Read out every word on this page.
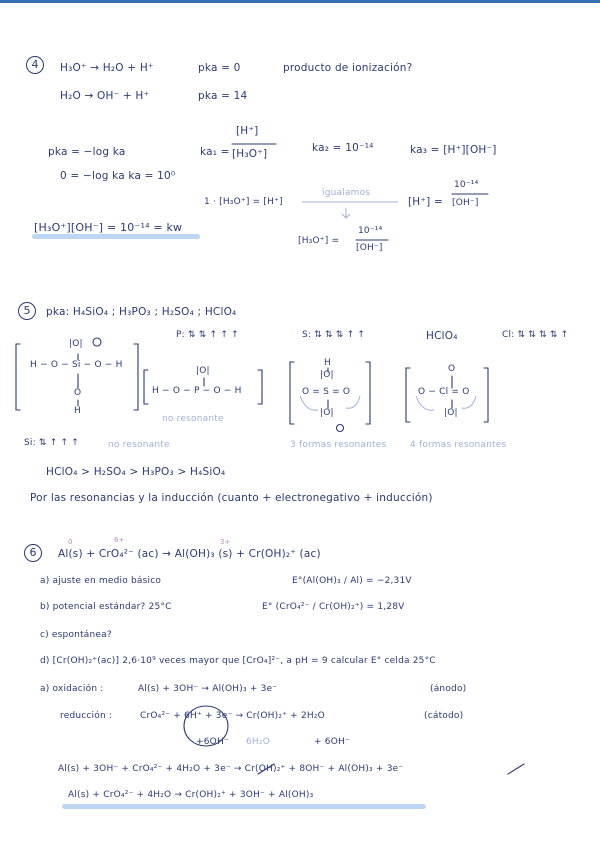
4	H₃O⁺ → H₂O + H⁺	pka = 0	producto de ionización?
H₂O → OH⁻ + H⁺	pka = 14
pka = −log ka	ka₁ =
[H⁺]
[H₃O⁺]	ka₂ = 10⁻¹⁴	ka₃ = [H⁺][OH⁻]
0 = −log ka ka = 10⁰
1 · [H₃O⁺] = [H⁺]
igualamos
[H⁺] =
10⁻¹⁴
[OH⁻]
[H₃O⁺] =
10⁻¹⁴
[OH⁻]
[H₃O⁺][OH⁻] = 10⁻¹⁴ = kw
5	pka: H₄SiO₄ ; H₃PO₃ ; H₂SO₄ ; HClO₄
P: ⇅ ⇅ ↑ ↑ ↑	S: ⇅ ⇅ ⇅ ↑ ↑	HClO₄	Cl: ⇅ ⇅ ⇅ ⇅ ↑
|O|
H − O − Si − O − H
O
H
|O|
H − O − P − O − H
H
|O|
O = S = O
|O|
O
O − Cl = O
|O|
no resonante
Si: ⇅ ↑ ↑ ↑	no resonante	3 formas resonantes	4 formas resonantes
HClO₄ > H₂SO₄ > H₃PO₃ > H₄SiO₄
Por las resonancias y la inducción (cuanto + electronegativo + inducción)
0	6+	3+
6	Al(s) + CrO₄²⁻ (ac) → Al(OH)₃ (s) + Cr(OH)₂⁺ (ac)
a) ajuste en medio básico	E°(Al(OH)₃ / Al) = −2,31V
b) potencial estándar? 25°C	E° (CrO₄²⁻ / Cr(OH)₂⁺) = 1,28V
c) espontánea?
d) [Cr(OH)₂⁺(ac)] 2,6·10⁹ veces mayor que [CrO₄]²⁻, a pH = 9 calcular E° celda 25°C
a) oxidación :	Al(s) + 3OH⁻ → Al(OH)₃ + 3e⁻	(ánodo)
reducción :	CrO₄²⁻ + 6H⁺ + 3e⁻ → Cr(OH)₂⁺ + 2H₂O	(cátodo)
+6OH⁻ 6H₂O	+ 6OH⁻
Al(s) + 3OH⁻ + CrO₄²⁻ + 4H₂O + 3e⁻ → Cr(OH)₂⁺ + 8OH⁻ + Al(OH)₃ + 3e⁻
Al(s) + CrO₄²⁻ + 4H₂O → Cr(OH)₂⁺ + 3OH⁻ + Al(OH)₃
